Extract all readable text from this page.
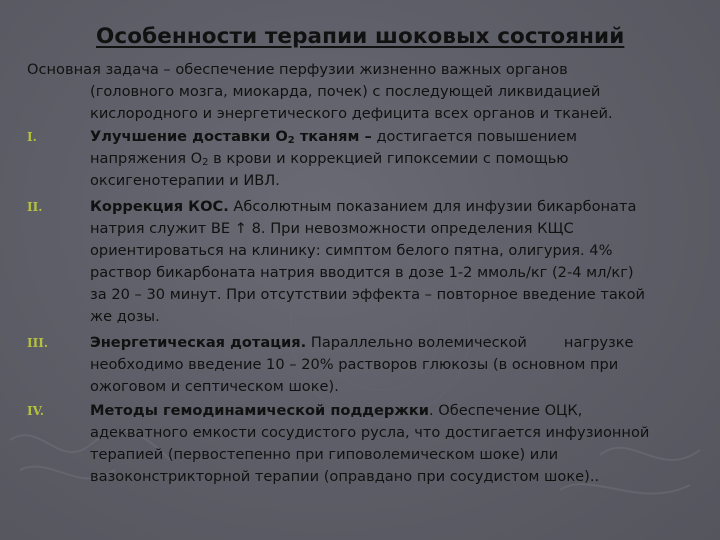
Особенности терапии шоковых состояний
Основная задача – обеспечение перфузии жизненно важных органов
(головного мозга, миокарда, почек) с последующей ликвидацией
кислородного и энергетического дефицита всех органов и тканей.
I.	Улучшение доставки $О_2$ тканям – достигается повышением
напряжения $О_2$ в крови и коррекцией гипоксемии с помощью
оксигенотерапии и ИВЛ.
II.	Коррекция КОС. Абсолютным показанием для инфузии бикарбоната
натрия служит ВЕ ↑ 8. При невозможности определения КЩС
ориентироваться на клинику: симптом белого пятна, олигурия. 4%
раствор бикарбоната натрия вводится в дозе 1-2 ммоль/кг (2-4 мл/кг)
за 20 – 30 минут. При отсутствии эффекта – повторное введение такой
же дозы.
III.	Энергетическая дотация. Параллельно волемической        нагрузке
необходимо введение 10 – 20% растворов глюкозы (в основном при
ожоговом и септическом шоке).
IV.	Методы гемодинамической поддержки. Обеспечение ОЦК,
адекватного емкости сосудистого русла, что достигается инфузионной
терапией (первостепенно при гиповолемическом шоке) или
вазоконстрикторной терапии (оправдано при сосудистом шоке)..
